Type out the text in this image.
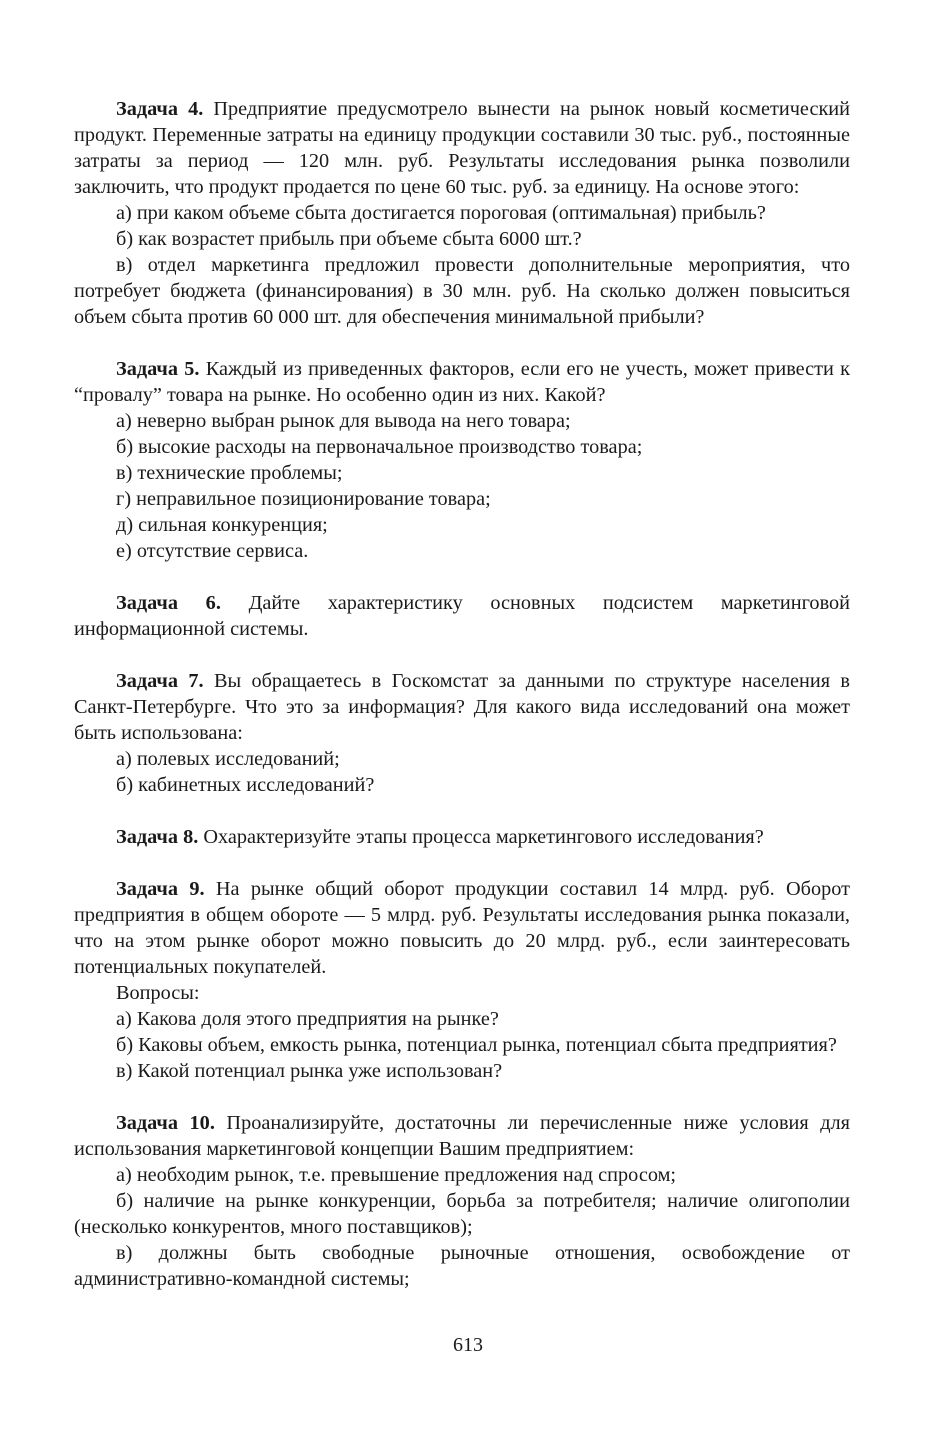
Задача 4. Предприятие предусмотрело вынести на рынок новый косметический продукт. Переменные затраты на единицу продукции составили 30 тыс. руб., постоянные затраты за период — 120 млн. руб. Результаты исследования рынка позволили заключить, что продукт продается по цене 60 тыс. руб. за единицу. На основе этого:

а) при каком объеме сбыта достигается пороговая (оптимальная) прибыль?

б) как возрастет прибыль при объеме сбыта 6000 шт.?

в) отдел маркетинга предложил провести дополнительные мероприятия, что потребует бюджета (финансирования) в 30 млн. руб. На сколько должен повыситься объем сбыта против 60 000 шт. для обеспечения минимальной прибыли?

Задача 5. Каждый из приведенных факторов, если его не учесть, может привести к “провалу” товара на рынке. Но особенно один из них. Какой?

а) неверно выбран рынок для вывода на него товара;

б) высокие расходы на первоначальное производство товара;

в) технические проблемы;

г) неправильное позиционирование товара;

д) сильная конкуренция;

е) отсутствие сервиса.

Задача 6. Дайте характеристику основных подсистем маркетинговой информационной системы.

Задача 7. Вы обращаетесь в Госкомстат за данными по структуре населения в Санкт-Петербурге. Что это за информация? Для какого вида исследований она может быть использована:

а) полевых исследований;

б) кабинетных исследований?

Задача 8. Охарактеризуйте этапы процесса маркетингового исследования?

Задача 9. На рынке общий оборот продукции составил 14 млрд. руб. Оборот предприятия в общем обороте — 5 млрд. руб. Результаты исследования рынка показали, что на этом рынке оборот можно повысить до 20 млрд. руб., если заинтересовать потенциальных покупателей.

Вопросы:

а) Какова доля этого предприятия на рынке?

б) Каковы объем, емкость рынка, потенциал рынка, потенциал сбыта предприятия?

в) Какой потенциал рынка уже использован?

Задача 10. Проанализируйте, достаточны ли перечисленные ниже условия для использования маркетинговой концепции Вашим предприятием:

а) необходим рынок, т.е. превышение предложения над спросом;

б) наличие на рынке конкуренции, борьба за потребителя; наличие олигополии (несколько конкурентов, много поставщиков);

в) должны быть свободные рыночные отношения, освобождение от административно-командной системы;

613
